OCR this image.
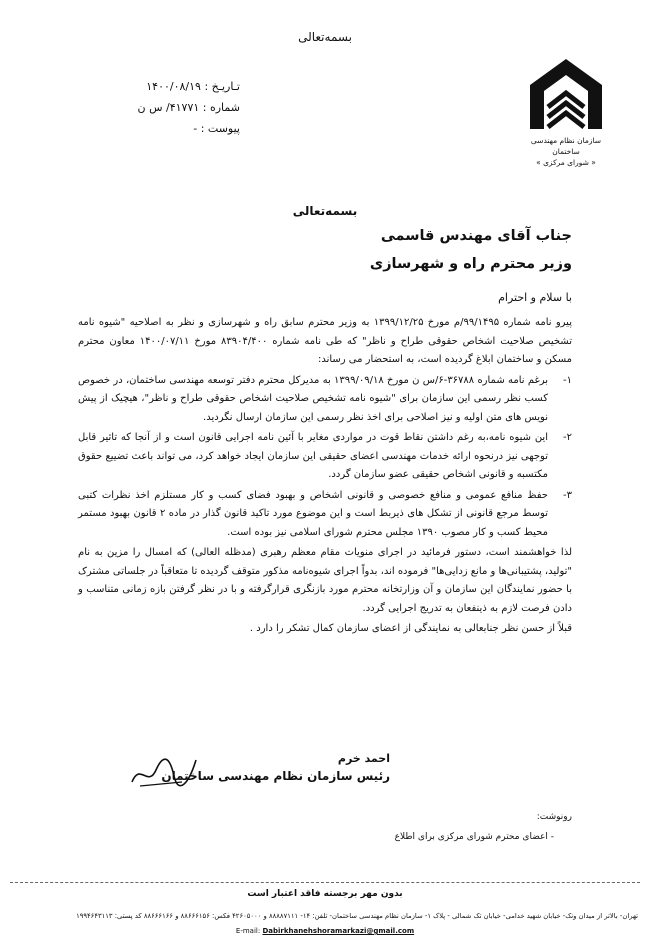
بسمه‌تعالی
تـاریـخ : ۱۴۰۰/۰۸/۱۹
شماره : ۴۱۷۷۱/ س ن
پیوست : -
سازمان نظام مهندسی ساختمان
« شورای مرکزی »
بسمه‌تعالی
جناب آقای مهندس قاسمی
وزیر محترم راه و شهرسازی
با سلام و احترام

پیرو نامه شماره ۹۹/۱۴۹۵/م مورخ ۱۳۹۹/۱۲/۲۵ به وزیر محترم سابق راه و شهرسازی و نظر به اصلاحیه "شیوه نامه تشخیص صلاحیت اشخاص حقوقی طراح و ناظر" که طی نامه شماره ۸۳۹۰۴/۴۰۰ مورخ ۱۴۰۰/۰۷/۱۱ معاون محترم مسکن و ساختمان ابلاغ گردیده است، به استحضار می رساند:

۱-
برغم نامه شماره ۳۶۷۸۸-۶/س ن مورخ ۱۳۹۹/۰۹/۱۸ به مدیرکل محترم دفتر توسعه مهندسی ساختمان، در خصوص کسب نظر رسمی این سازمان برای "شیوه نامه تشخیص صلاحیت اشخاص حقوقی طراح و ناظر"، هیچیک از پیش نویس های متن اولیه و نیز اصلاحی برای اخذ نظر رسمی این سازمان ارسال نگردید.
۲-
این شیوه نامه،به رغم داشتن نقاط قوت در مواردی مغایر با آئین نامه اجرایی قانون است و از آنجا که تاثیر قابل توجهی نیز درنحوه ارائه خدمات مهندسی اعضای حقیقی این سازمان ایجاد خواهد کرد، می تواند باعث تضییع حقوق مکتسبه و قانونی اشخاص حقیقی عضو سازمان گردد.
۳-
حفظ منافع عمومی و منافع خصوصی و قانونی اشخاص و بهبود فضای کسب و کار مستلزم اخذ نظرات کتبی توسط مرجع قانونی از تشکل های ذیربط است و این موضوع مورد تاکید قانون گذار در ماده ۲ قانون بهبود مستمر محیط کسب و کار مصوب ۱۳۹۰ مجلس محترم شورای اسلامی نیز بوده است.

لذا خواهشمند است، دستور فرمائید در اجرای منویات مقام معظم رهبری (مدظله العالی) که امسال را مزین به نام "تولید، پشتیبانی‌ها و مانع زدایی‌ها" فرموده اند، بدواً اجرای شیوه‌نامه مذکور متوقف گردیده تا متعاقباً در جلساتی مشترک با حضور نمایندگان این سازمان و آن وزارتخانه محترم مورد بازنگری قرارگرفته و با در نظر گرفتن بازه زمانی متناسب و دادن فرصت لازم به ذینفعان به تدریج اجرایی گردد.

قبلاً از حسن نظر جنابعالی به نمایندگی از اعضای سازمان کمال تشکر را دارد .

احمد خرم
رئیس سازمان نظام مهندسی ساختمان
رونوشت:
- اعضای محترم شورای مرکزی برای اطلاع
بدون مهر برجسته فاقد اعتبار است
تهران- بالاتر از میدان ونک- خیابان شهید خدامی- خیابان تک شمالی - پلاک ۱- سازمان نظام مهندسی ساختمان- تلفن: ۱۴- ۸۸۸۸۷۱۱۱ و ۴۲۶۰۵۰۰۰ فکس: ۸۸۶۶۶۱۵۶ و ۸۸۶۶۶۱۶۶ کد پستی: ۱۹۹۴۶۴۳۱۱۳
E-mail: Dabirkhanehshoramarkazi@gmail.com
